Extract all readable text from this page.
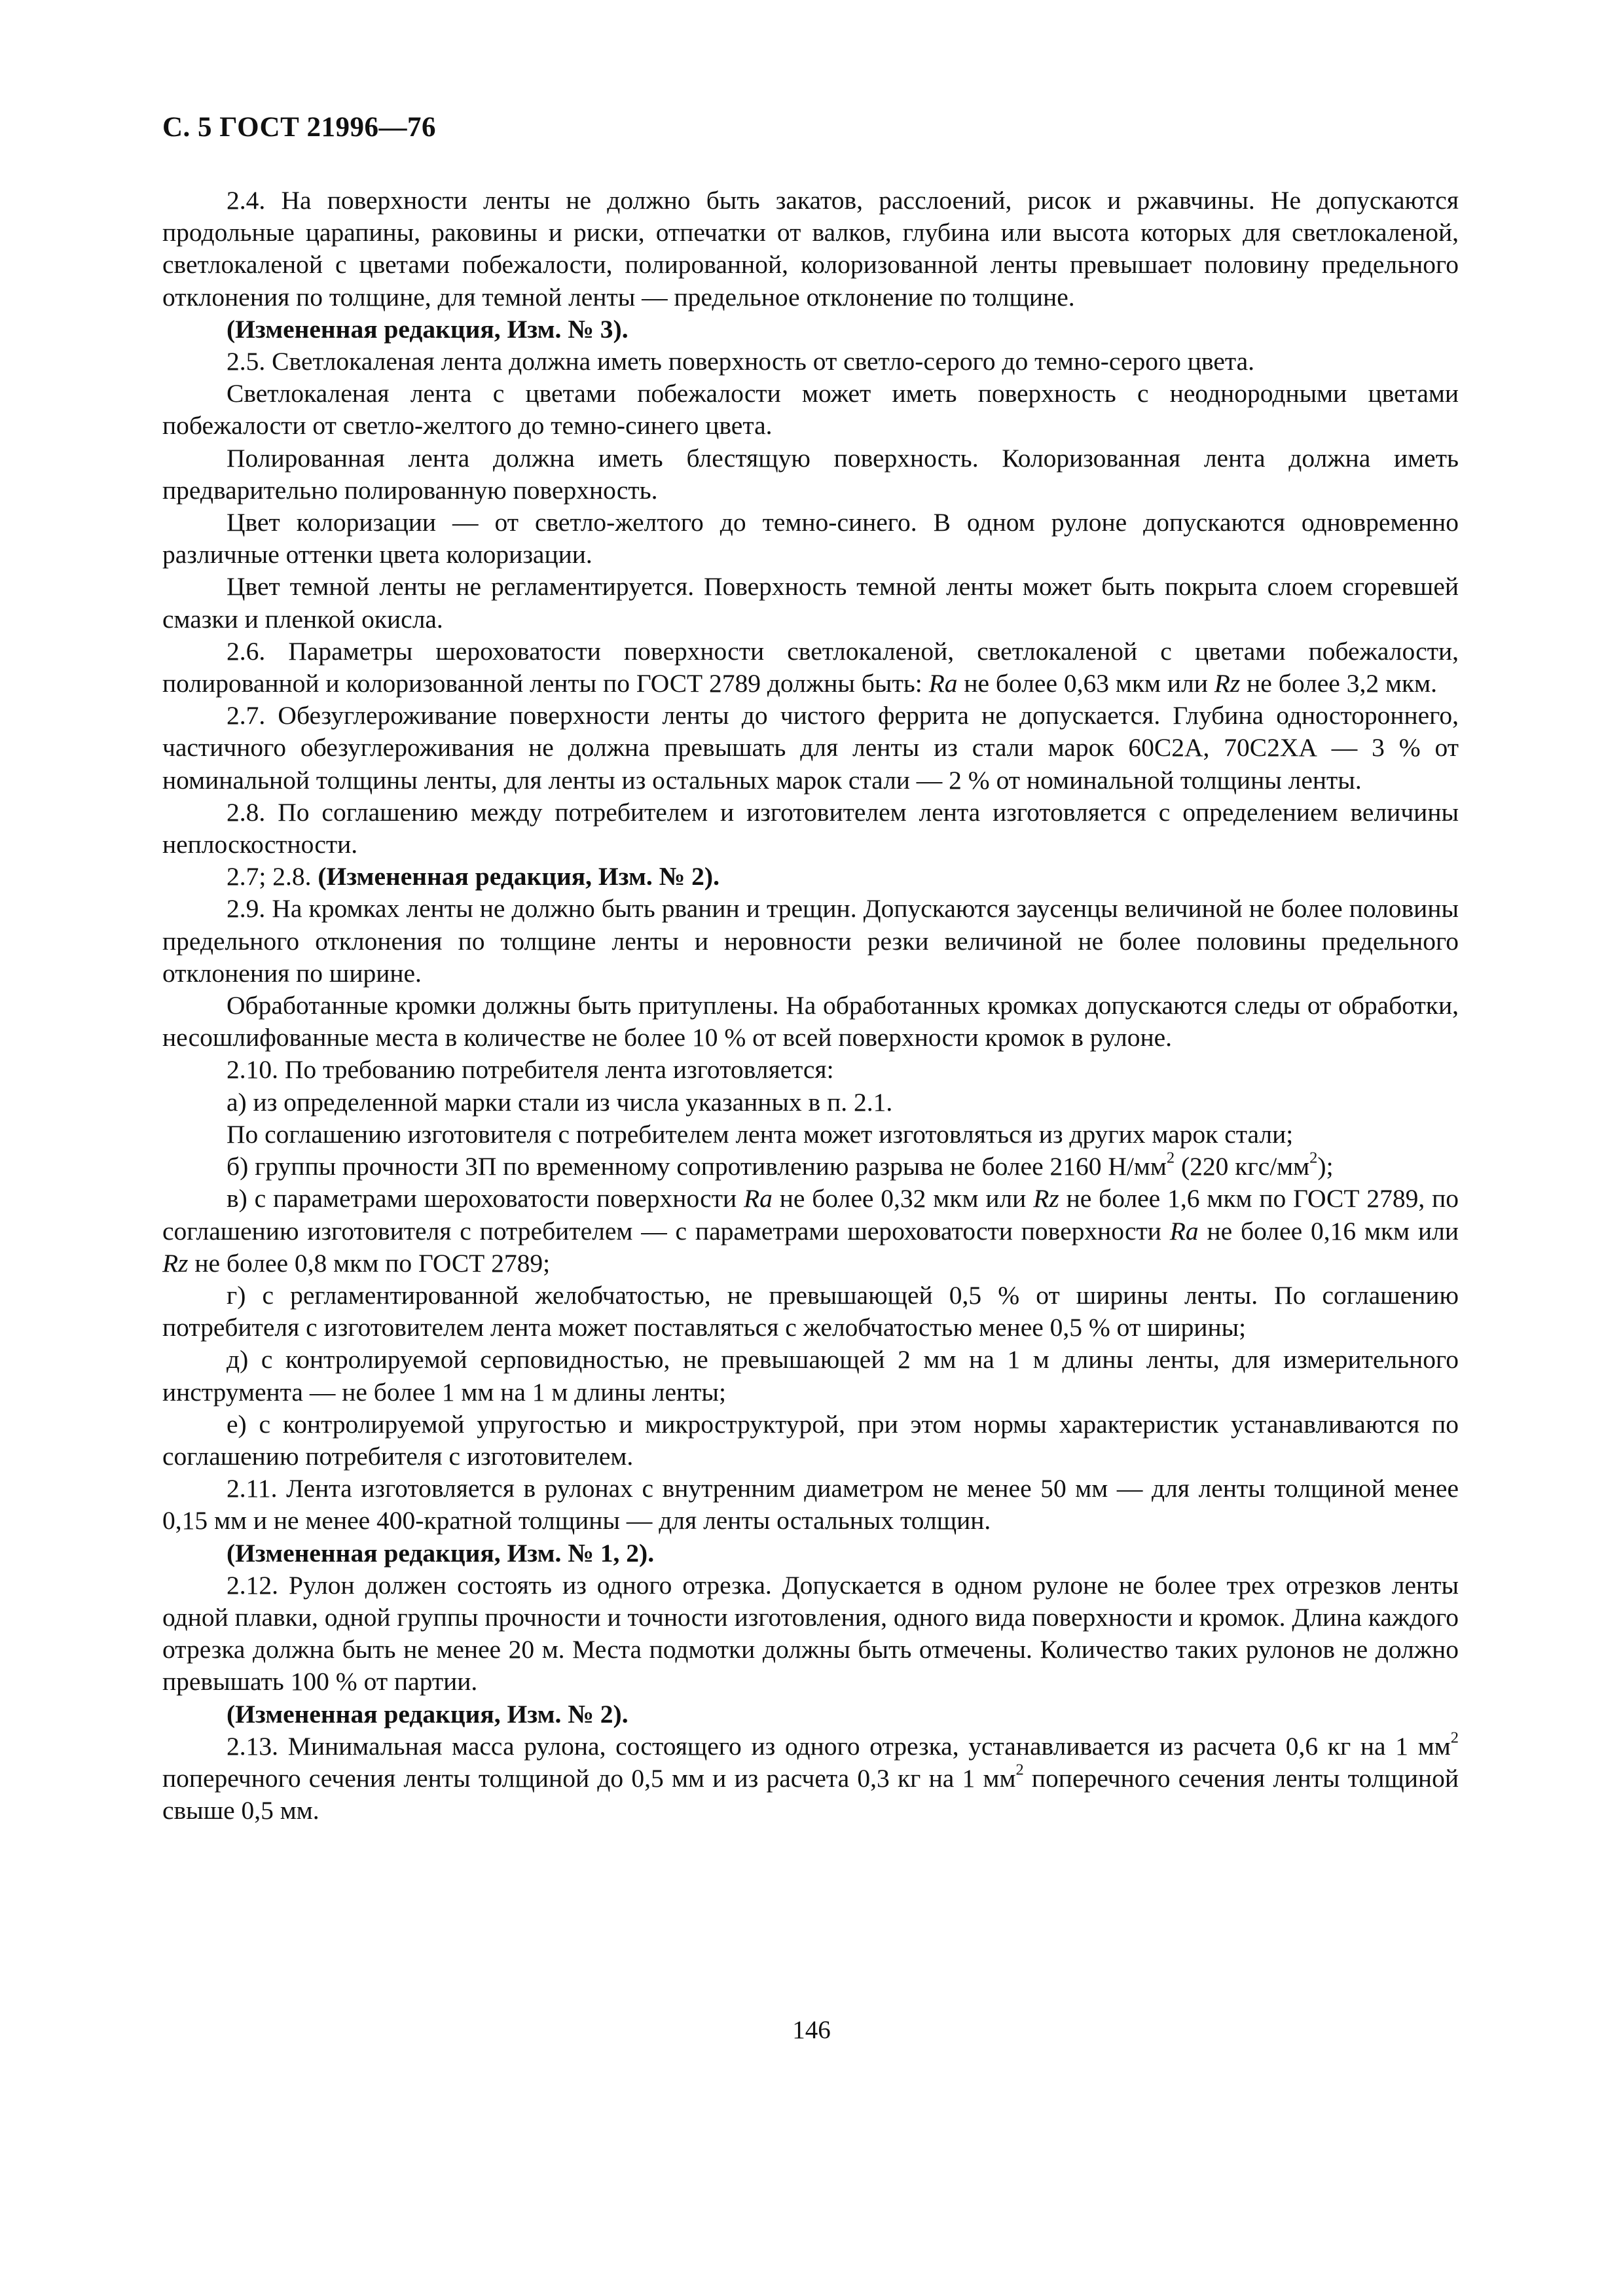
С. 5 ГОСТ 21996—76

2.4. На поверхности ленты не должно быть закатов, расслоений, рисок и ржавчины. Не допускаются продольные царапины, раковины и риски, отпечатки от валков, глубина или высота которых для светлокаленой, светлокаленой с цветами побежалости, полированной, колоризованной ленты превышает половину предельного отклонения по толщине, для темной ленты — предельное отклонение по толщине.

(Измененная редакция, Изм. № 3).

2.5. Светлокаленая лента должна иметь поверхность от светло-серого до темно-серого цвета.

Светлокаленая лента с цветами побежалости может иметь поверхность с неоднородными цветами побежалости от светло-желтого до темно-синего цвета.

Полированная лента должна иметь блестящую поверхность. Колоризованная лента должна иметь предварительно полированную поверхность.

Цвет колоризации — от светло-желтого до темно-синего. В одном рулоне допускаются одновременно различные оттенки цвета колоризации.

Цвет темной ленты не регламентируется. Поверхность темной ленты может быть покрыта слоем сгоревшей смазки и пленкой окисла.

2.6. Параметры шероховатости поверхности светлокаленой, светлокаленой с цветами побежалости, полированной и колоризованной ленты по ГОСТ 2789 должны быть: Ra не более 0,63 мкм или Rz не более 3,2 мкм.

2.7. Обезуглероживание поверхности ленты до чистого феррита не допускается. Глубина одностороннего, частичного обезуглероживания не должна превышать для ленты из стали марок 60С2А, 70С2ХА — 3 % от номинальной толщины ленты, для ленты из остальных марок стали — 2 % от номинальной толщины ленты.

2.8. По соглашению между потребителем и изготовителем лента изготовляется с определением величины неплоскостности.

2.7; 2.8. (Измененная редакция, Изм. № 2).

2.9. На кромках ленты не должно быть рванин и трещин. Допускаются заусенцы величиной не более половины предельного отклонения по толщине ленты и неровности резки величиной не более половины предельного отклонения по ширине.

Обработанные кромки должны быть притуплены. На обработанных кромках допускаются следы от обработки, несошлифованные места в количестве не более 10 % от всей поверхности кромок в рулоне.

2.10. По требованию потребителя лента изготовляется:

а) из определенной марки стали из числа указанных в п. 2.1.

По соглашению изготовителя с потребителем лента может изготовляться из других марок стали;

б) группы прочности 3П по временному сопротивлению разрыва не более 2160 $Н/мм^2$ (220 кгс/$мм^2$);

в) с параметрами шероховатости поверхности Ra не более 0,32 мкм или Rz не более 1,6 мкм по ГОСТ 2789, по соглашению изготовителя с потребителем — с параметрами шероховатости поверхности Ra не более 0,16 мкм или Rz не более 0,8 мкм по ГОСТ 2789;

г) с регламентированной желобчатостью, не превышающей 0,5 % от ширины ленты. По соглашению потребителя с изготовителем лента может поставляться с желобчатостью менее 0,5 % от ширины;

д) с контролируемой серповидностью, не превышающей 2 мм на 1 м длины ленты, для измерительного инструмента — не более 1 мм на 1 м длины ленты;

е) с контролируемой упругостью и микроструктурой, при этом нормы характеристик устанавливаются по соглашению потребителя с изготовителем.

2.11. Лента изготовляется в рулонах с внутренним диаметром не менее 50 мм — для ленты толщиной менее 0,15 мм и не менее 400-кратной толщины — для ленты остальных толщин.

(Измененная редакция, Изм. № 1, 2).

2.12. Рулон должен состоять из одного отрезка. Допускается в одном рулоне не более трех отрезков ленты одной плавки, одной группы прочности и точности изготовления, одного вида поверхности и кромок. Длина каждого отрезка должна быть не менее 20 м. Места подмотки должны быть отмечены. Количество таких рулонов не должно превышать 100 % от партии.

(Измененная редакция, Изм. № 2).

2.13. Минимальная масса рулона, состоящего из одного отрезка, устанавливается из расчета 0,6 кг на 1 $мм^2$ поперечного сечения ленты толщиной до 0,5 мм и из расчета 0,3 кг на 1 $мм^2$ поперечного сечения ленты толщиной свыше 0,5 мм.

146
